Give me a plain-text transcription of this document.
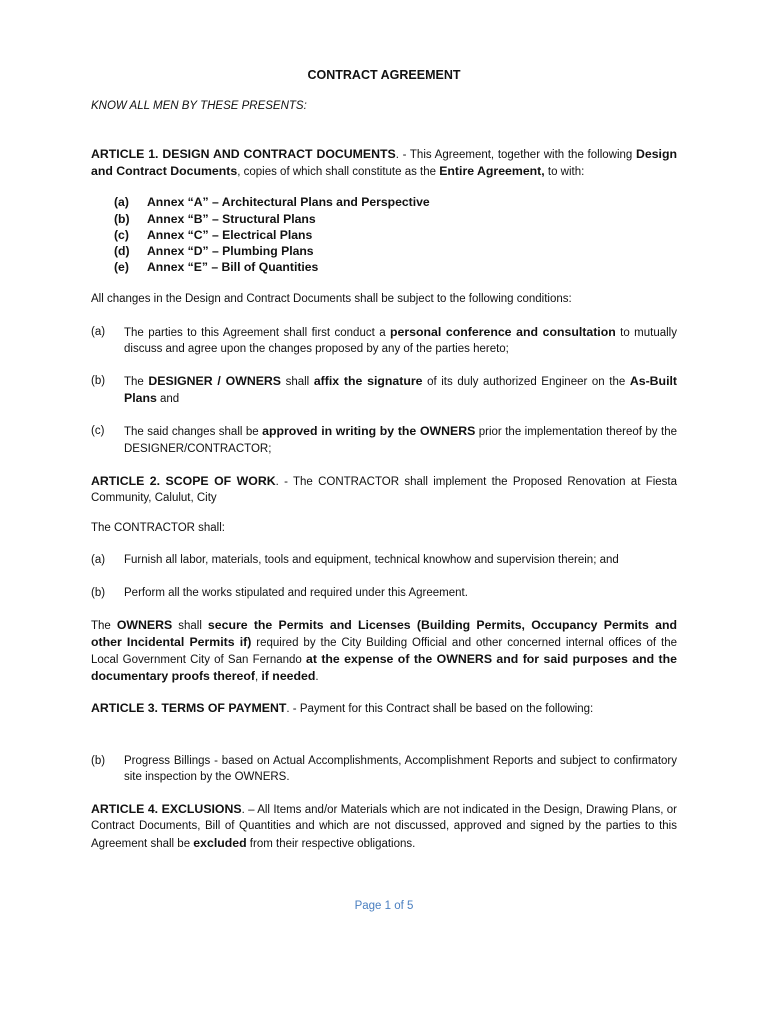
CONTRACT AGREEMENT
KNOW ALL MEN BY THESE PRESENTS:
ARTICLE 1. DESIGN AND CONTRACT DOCUMENTS. - This Agreement, together with the following Design and Contract Documents, copies of which shall constitute as the Entire Agreement, to with:
(a)	Annex “A” – Architectural Plans and Perspective
(b)	Annex “B” – Structural Plans
(c)	Annex “C” – Electrical Plans
(d)	Annex “D” – Plumbing Plans
(e)	Annex “E” – Bill of Quantities
All changes in the Design and Contract Documents shall be subject to the following conditions:
(a)	The parties to this Agreement shall first conduct a personal conference and consultation to mutually discuss and agree upon the changes proposed by any of the parties hereto;
(b)	The DESIGNER / OWNERS shall affix the signature of its duly authorized Engineer on the As-Built Plans and
(c)	The said changes shall be approved in writing by the OWNERS prior the implementation thereof by the DESIGNER/CONTRACTOR;
ARTICLE 2. SCOPE OF WORK. - The CONTRACTOR shall implement the Proposed Renovation at Fiesta Community, Calulut, City
The CONTRACTOR shall:
(a)	Furnish all labor, materials, tools and equipment, technical knowhow and supervision therein; and
(b)	Perform all the works stipulated and required under this Agreement.
The OWNERS shall secure the Permits and Licenses (Building Permits, Occupancy Permits and other Incidental Permits if) required by the City Building Official and other concerned internal offices of the Local Government City of San Fernando at the expense of the OWNERS and for said purposes and the documentary proofs thereof, if needed.
ARTICLE 3. TERMS OF PAYMENT. - Payment for this Contract shall be based on the following:
(b)	Progress Billings - based on Actual Accomplishments, Accomplishment Reports and subject to confirmatory site inspection by the OWNERS.
ARTICLE 4. EXCLUSIONS. – All Items and/or Materials which are not indicated in the Design, Drawing Plans, or Contract Documents, Bill of Quantities and which are not discussed, approved and signed by the parties to this Agreement shall be excluded from their respective obligations.
Page 1 of 5
